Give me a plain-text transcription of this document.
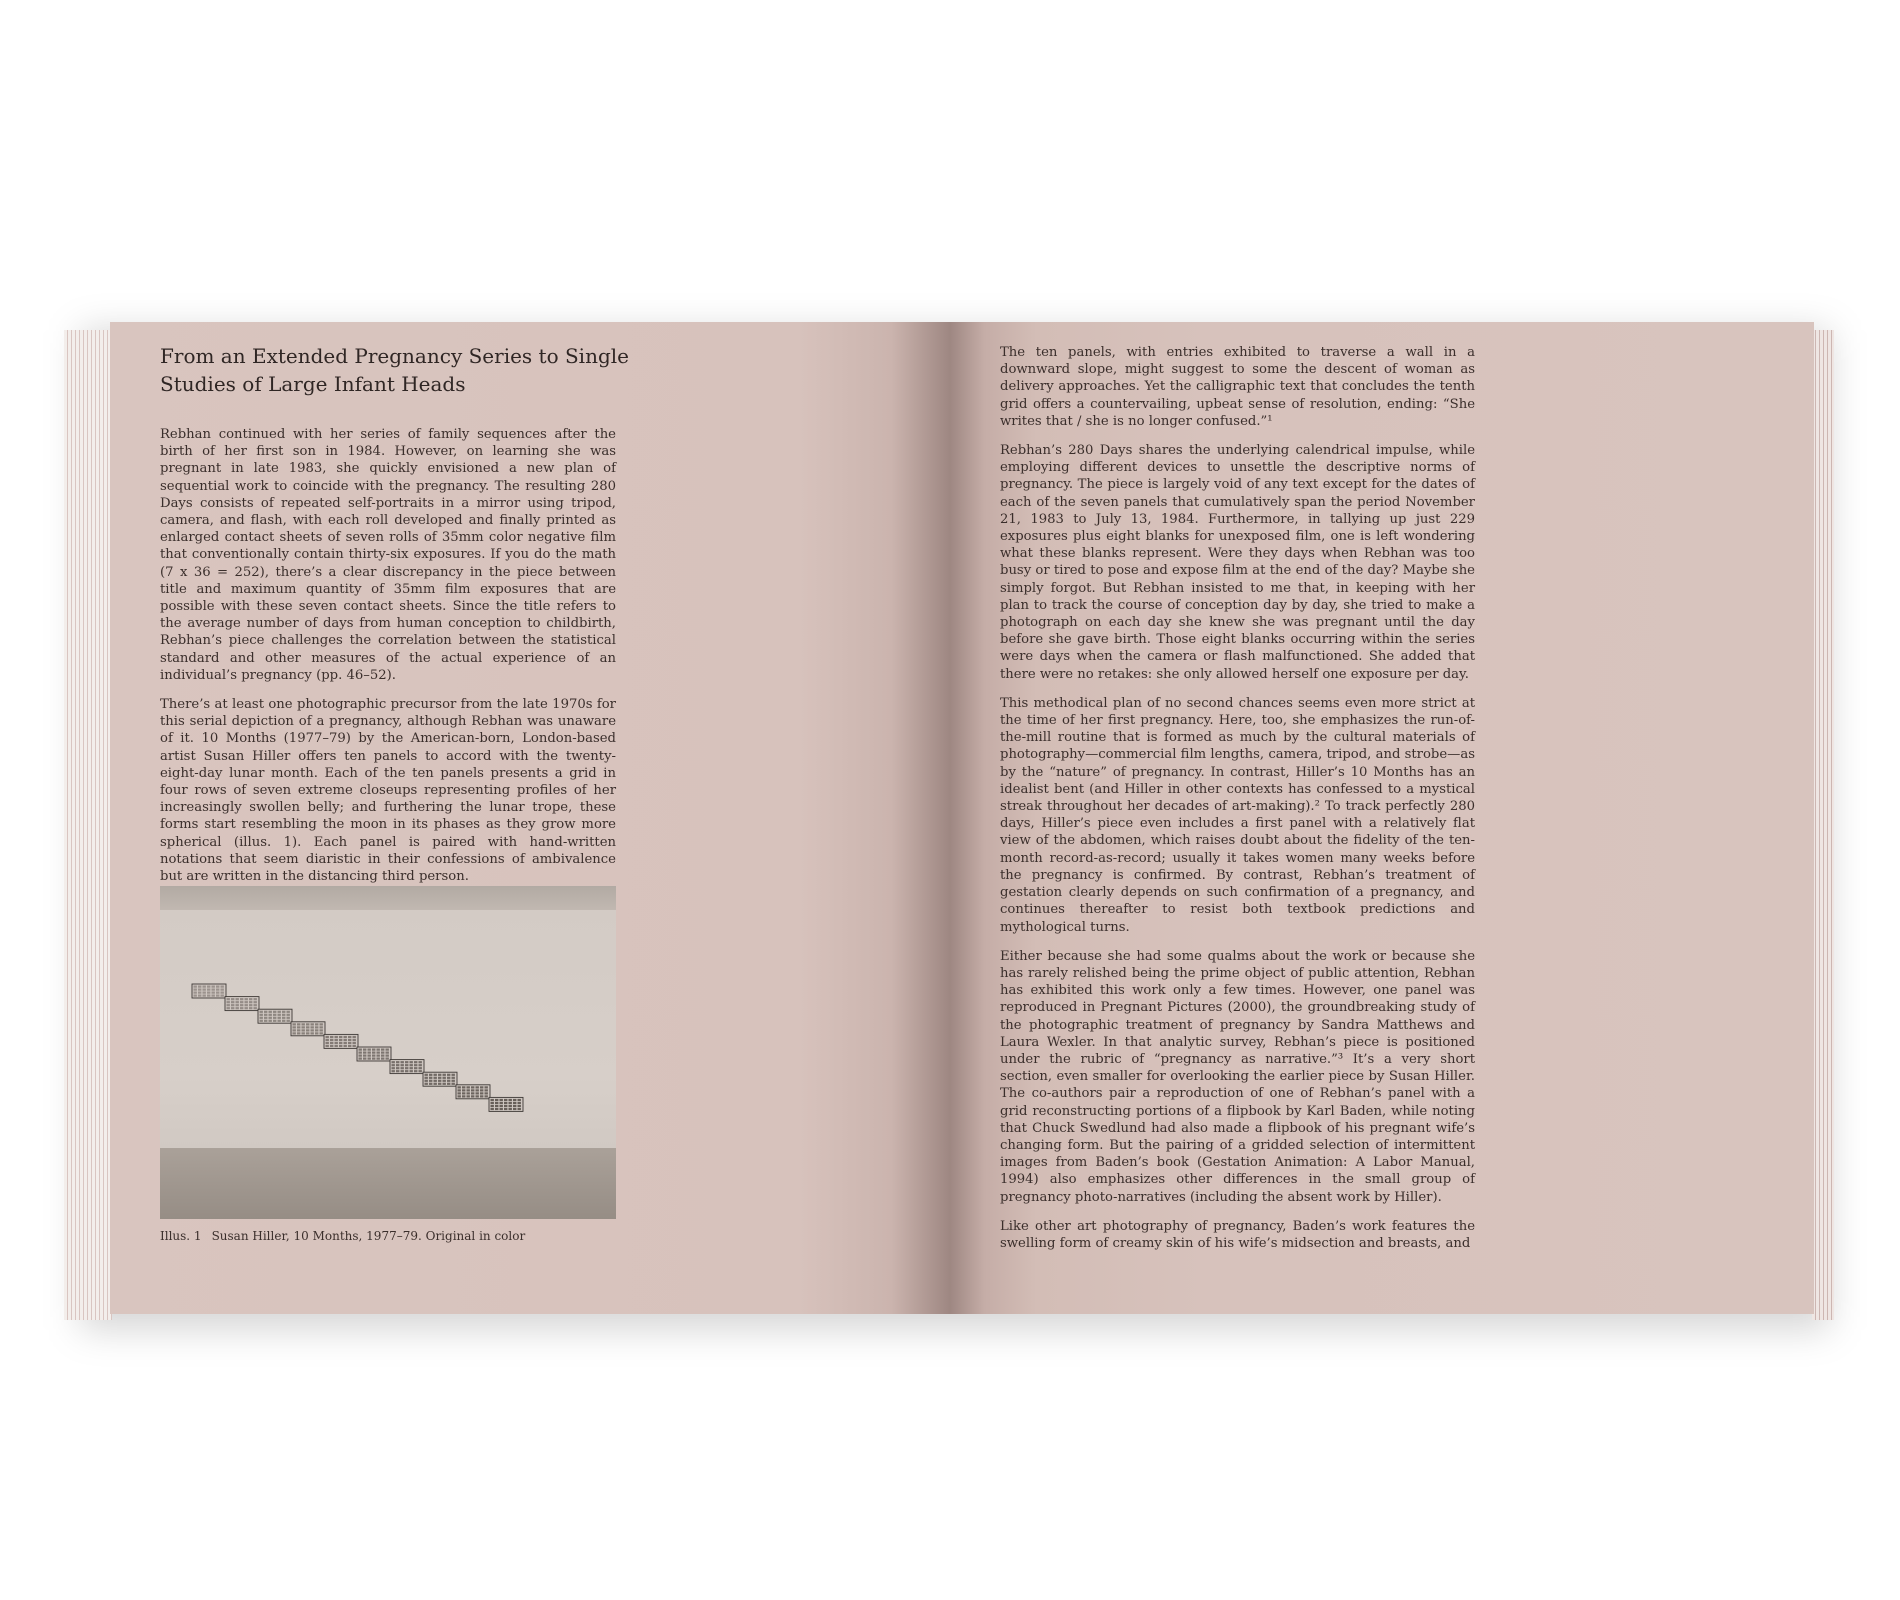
From an Extended Pregnancy Series to Single
Studies of Large Infant Heads

Rebhan continued with her series of family sequences after the birth of her first son in 1984. However, on learning she was pregnant in late 1983, she quickly envisioned a new plan of sequential work to coincide with the pregnancy. The resulting 280 Days consists of repeated self-portraits in a mirror using tripod, camera, and flash, with each roll developed and finally printed as enlarged contact sheets of seven rolls of 35mm color negative film that conventionally contain thirty-six exposures. If you do the math (7 x 36 = 252), there’s a clear discrepancy in the piece between title and maximum quantity of 35mm film exposures that are possible with these seven contact sheets. Since the title refers to the average number of days from human conception to childbirth, Rebhan’s piece challenges the correlation between the statistical standard and other measures of the actual experience of an individual’s pregnancy (pp. 46–52).

There’s at least one photographic precursor from the late 1970s for this serial depiction of a pregnancy, although Rebhan was unaware of it. 10 Months (1977–79) by the American-born, London-based artist Susan Hiller offers ten panels to accord with the twenty-eight-day lunar month. Each of the ten panels presents a grid in four rows of seven extreme closeups representing profiles of her increasingly swollen belly; and furthering the lunar trope, these forms start resembling the moon in its phases as they grow more spherical (illus. 1). Each panel is paired with hand-written notations that seem diaristic in their confessions of ambivalence but are written in the distancing third person.

Illus. 1 Susan Hiller, 10 Months, 1977–79. Original in color

The ten panels, with entries exhibited to traverse a wall in a downward slope, might suggest to some the descent of woman as delivery approaches. Yet the calligraphic text that concludes the tenth grid offers a countervailing, upbeat sense of resolution, ending: “She writes that / she is no longer confused.”¹

Rebhan’s 280 Days shares the underlying calendrical impulse, while employing different devices to unsettle the descriptive norms of pregnancy. The piece is largely void of any text except for the dates of each of the seven panels that cumulatively span the period November 21, 1983 to July 13, 1984. Furthermore, in tallying up just 229 exposures plus eight blanks for unexposed film, one is left wondering what these blanks represent. Were they days when Rebhan was too busy or tired to pose and expose film at the end of the day? Maybe she simply forgot. But Rebhan insisted to me that, in keeping with her plan to track the course of conception day by day, she tried to make a photograph on each day she knew she was pregnant until the day before she gave birth. Those eight blanks occurring within the series were days when the camera or flash malfunctioned. She added that there were no retakes: she only allowed herself one exposure per day.

This methodical plan of no second chances seems even more strict at the time of her first pregnancy. Here, too, she emphasizes the run-of-the-mill routine that is formed as much by the cultural materials of photography—commercial film lengths, camera, tripod, and strobe—as by the “nature” of pregnancy. In contrast, Hiller’s 10 Months has an idealist bent (and Hiller in other contexts has confessed to a mystical streak throughout her decades of art-making).² To track perfectly 280 days, Hiller’s piece even includes a first panel with a relatively flat view of the abdomen, which raises doubt about the fidelity of the ten-month record-as-record; usually it takes women many weeks before the pregnancy is confirmed. By contrast, Rebhan’s treatment of gestation clearly depends on such confirmation of a pregnancy, and continues thereafter to resist both textbook predictions and mythological turns.

Either because she had some qualms about the work or because she has rarely relished being the prime object of public attention, Rebhan has exhibited this work only a few times. However, one panel was reproduced in Pregnant Pictures (2000), the groundbreaking study of the photographic treatment of pregnancy by Sandra Matthews and Laura Wexler. In that analytic survey, Rebhan’s piece is positioned under the rubric of “pregnancy as narrative.”³ It’s a very short section, even smaller for overlooking the earlier piece by Susan Hiller. The co-authors pair a reproduction of one of Rebhan’s panel with a grid reconstructing portions of a flipbook by Karl Baden, while noting that Chuck Swedlund had also made a flipbook of his pregnant wife’s changing form. But the pairing of a gridded selection of intermittent images from Baden’s book (Gestation Animation: A Labor Manual, 1994) also emphasizes other differences in the small group of pregnancy photo-narratives (including the absent work by Hiller).

Like other art photography of pregnancy, Baden’s work features the swelling form of creamy skin of his wife’s midsection and breasts, and
